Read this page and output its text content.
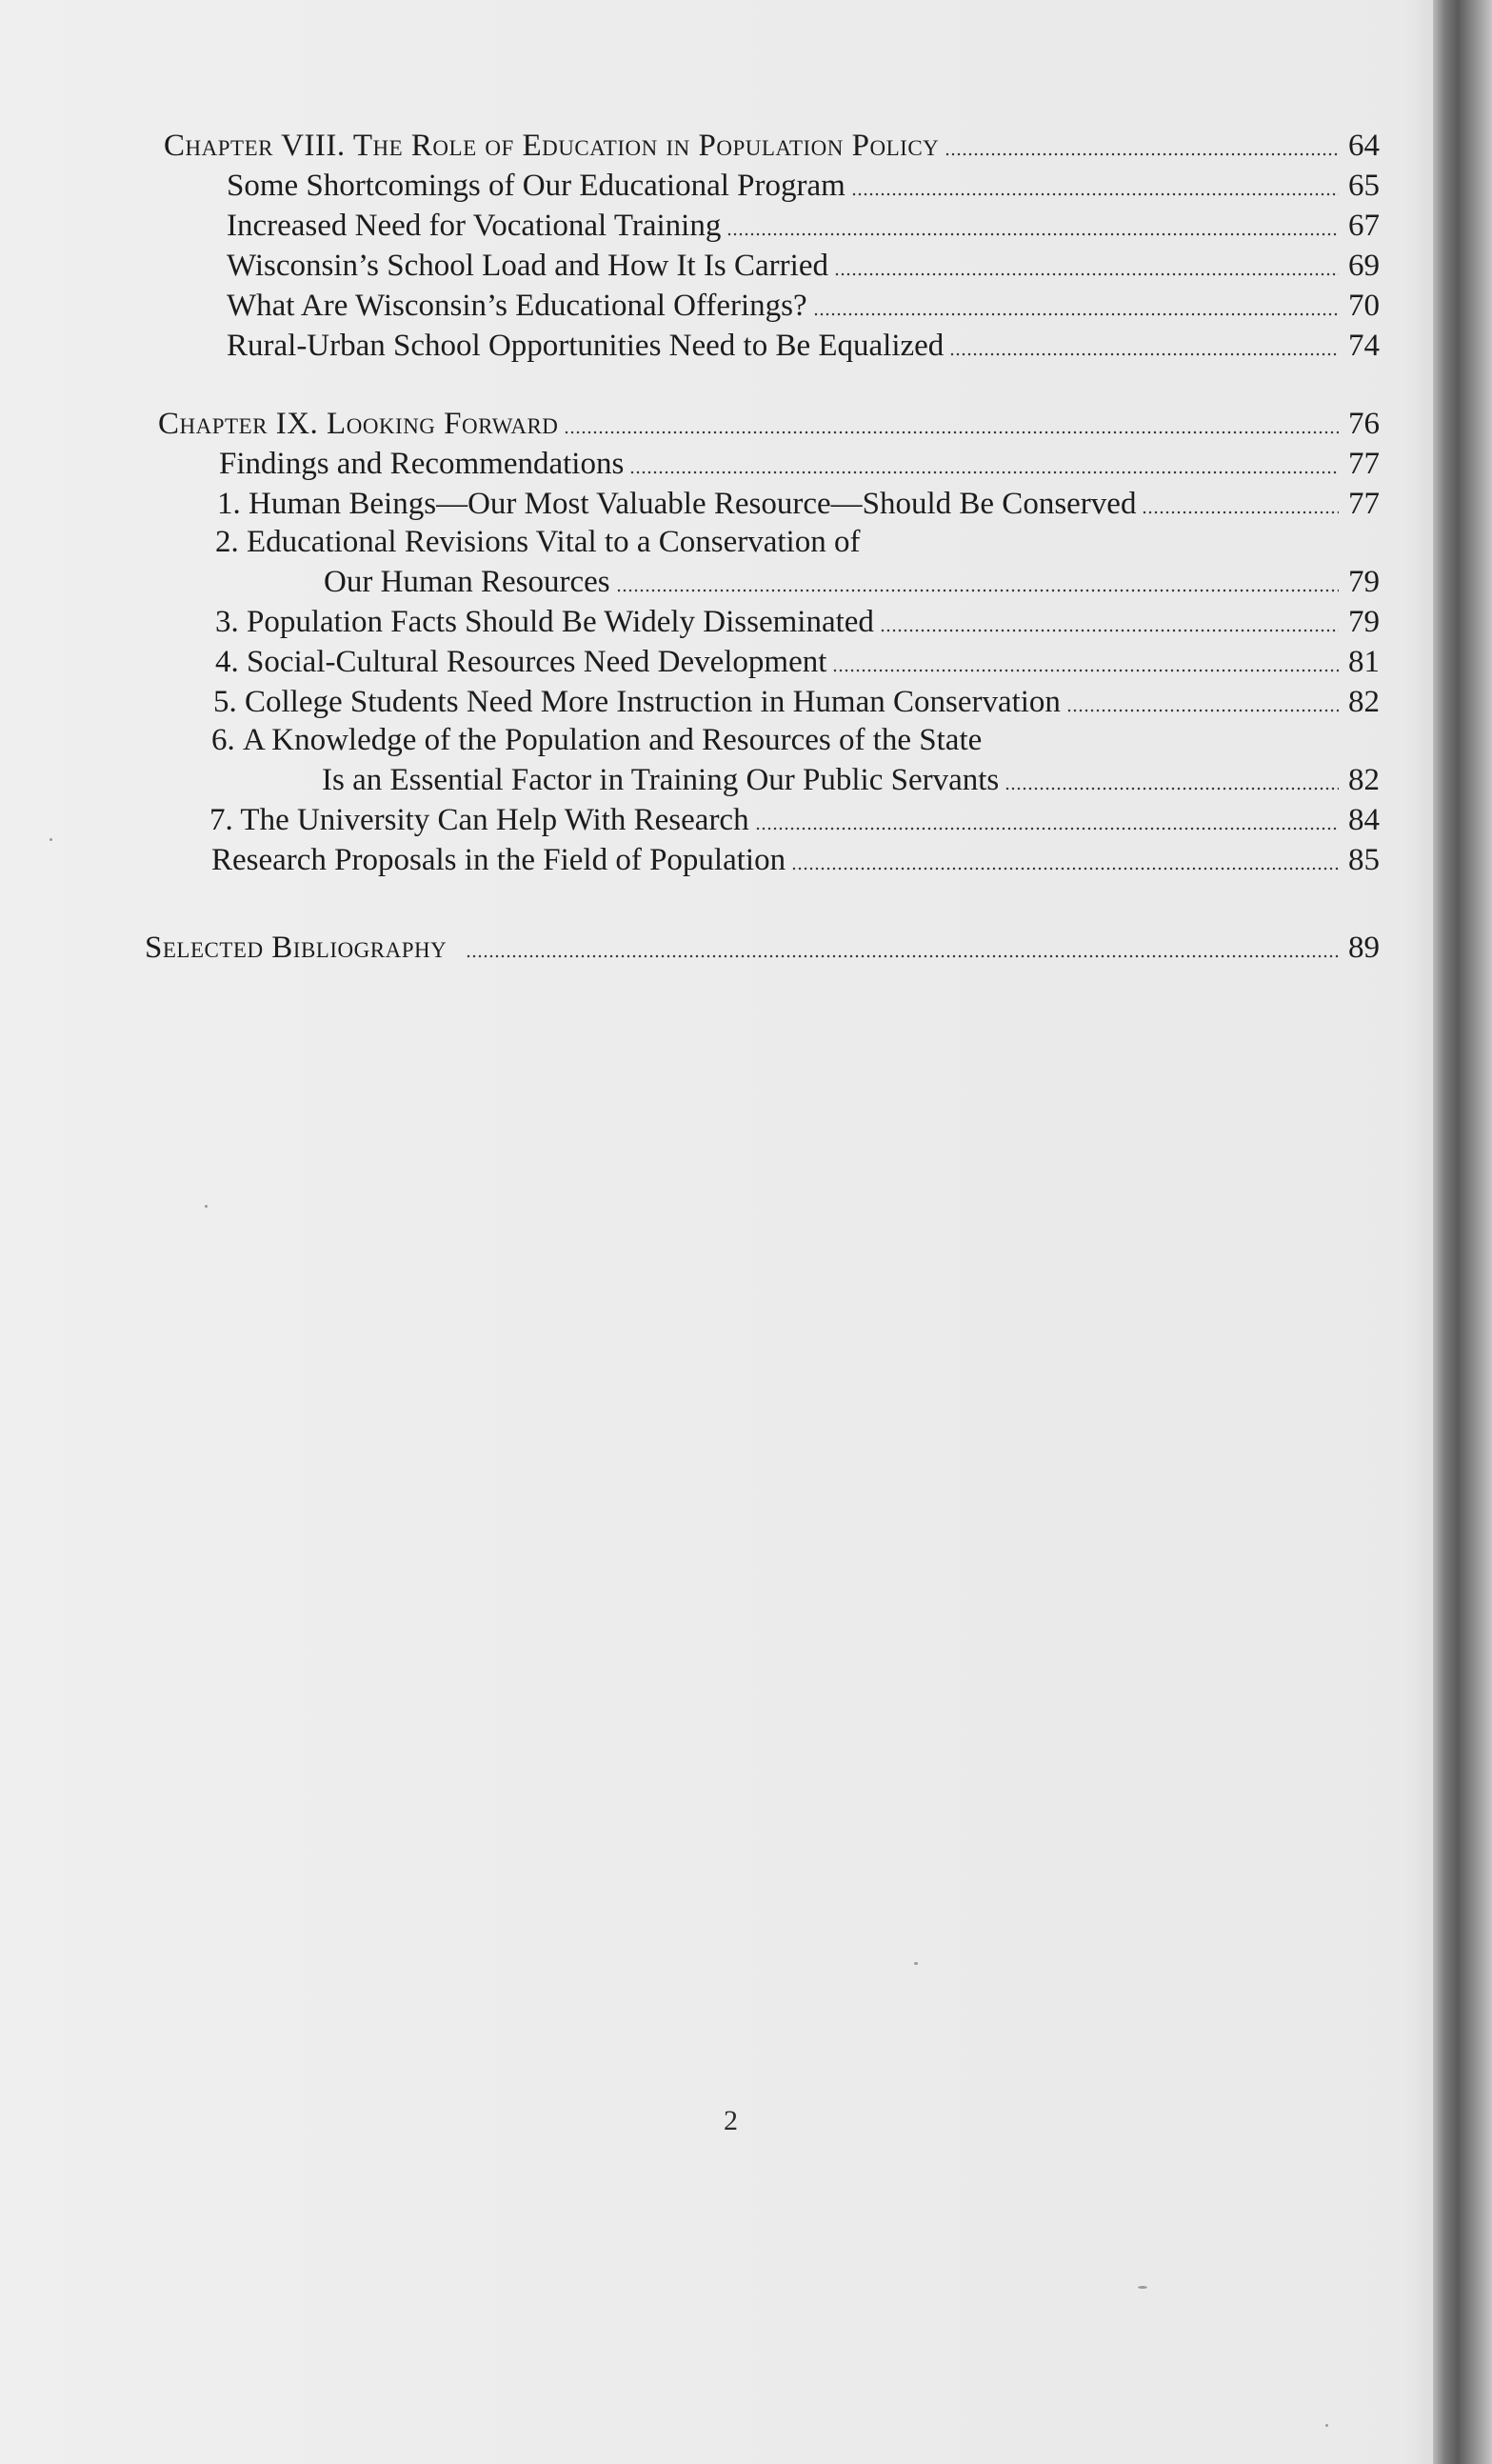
Chapter VIII. The Role of Education in Population Policy	64
Some Shortcomings of Our Educational Program	65
Increased Need for Vocational Training	67
Wisconsin’s School Load and How It Is Carried	69
What Are Wisconsin’s Educational Offerings?	70
Rural-Urban School Opportunities Need to Be Equalized	74
Chapter IX. Looking Forward	76
Findings and Recommendations	77
1. Human Beings—Our Most Valuable Resource—Should Be Conserved	77
2.
Educational Revisions Vital to a Conservation of
Our Human Resources	79
3. Population Facts Should Be Widely Disseminated	79
4. Social-Cultural Resources Need Development	81
5. College Students Need More Instruction in Human Conservation	82
6.
A Knowledge of the Population and Resources of the State
Is an Essential Factor in Training Our Public Servants	82
7. The University Can Help With Research	84
Research Proposals in the Field of Population	85
Selected Bibliography	89
2
